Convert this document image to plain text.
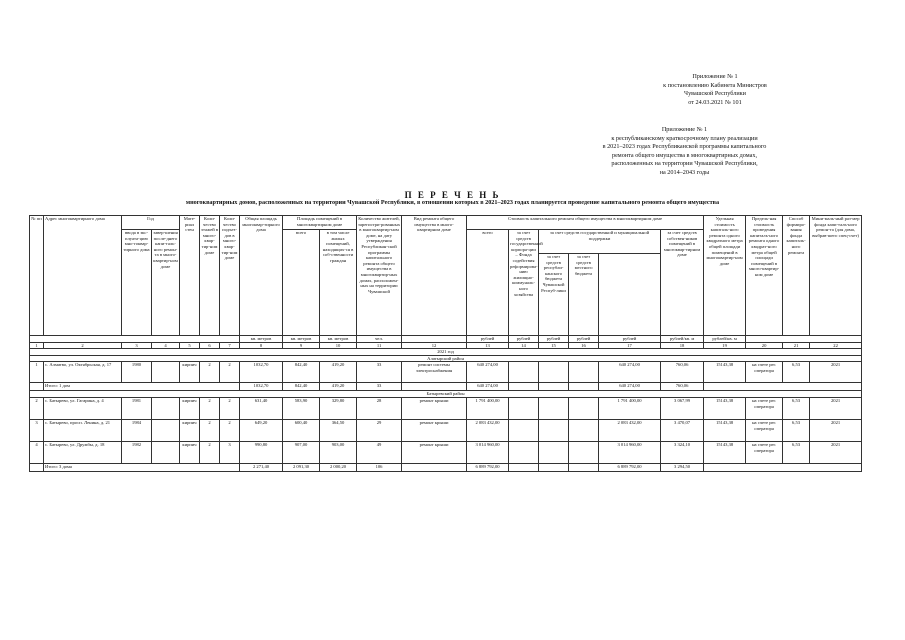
Приложение № 1
к постановлению Кабинета Министров
Чувашской Республики
от 24.03.2021 № 101
Приложение № 1
к республиканскому краткосрочному плану реализации
в 2021–2023 годах Республиканской программы капитального
ремонта общего имущества в многоквартирных домах,
расположенных на территории Чувашской Республики,
на 2014–2043 годы
П Е Р Е Ч Е Н Ь
многоквартирных домов, расположенных на территории Чувашской Республики, в отношении которых в 2021–2023 годах планируется проведение капитального ремонта общего имущества
№ пп	Адрес многоквартирного дома	Год		Мате-риал стен	Коли-чество этажей в много-квар-тир-ном доме	Коли-чество подъез-дов в много-квар-тир-ном доме	Общая площадь многоквар-тирного дома	Площадь помещений в многоквартирном доме		Количество жителей, зарегистри-рованных в многоквартир-ном доме, на дату утверждения Республикан-ской программы капитального ремонта общего имущества в многоквартир-ных домах, расположен-ных на территории Чувашской	Вид ремонта общего имущества в много-квартирном доме	Стоимость капитального ремонта общего имущества в многоквартирном доме						Удельная стоимость капиталь-ного ремонта одного квадратного метра общей площади помещений в многоквартир-ном доме	Предель-ная стоимость проведения капиталь-ного ремонта одного квадрат-ного метра общей площади помещений в много-квартир-ном доме	Способ формиро-вания фонда капиталь-ного ремонта	Мини-маль-ный раз-мер фонда капи-таль-ного ремон-та (для дома, выбрав-шего спец-счет)	
		ввода в экс-плуата-цию мно-гоквар-тирного дома	завер-шения после-днего капи-таль-ного ремон-та в много-квартир-ном доме					всего	в том числе жилых помещений, находящих-ся в соб-ственности граждан			всего	за счет средств государственной корпора-ции – Фонда содействия реформирова-нию жилищно-коммуналь-ного хозяйства	за счет средств государственной и муниципальной поддержки			за счет средств собствен-ников помещений в многоквар-тирном доме					
														за счет средств республи-канского бюджета Чувашской Респуб-лики	за счет средств местного бюджета							
							кв. метров	кв. метров	кв. метров	чел.		рублей	рублей	рублей	рублей	рублей	рублей/кв. м	рублей/кв. м				
1	2	3	4	5	6	7	8	9	10	11	12	13	14	15	16	17	18	19	20	21	22	
2021 год																						
Алатырский район																						
1	с. Алматво, ул. Октябрьская, д. 17	1980		кирпич	2	2	1032,70	842,40	419,20	33	ремонт системы электроснабжения	640 274,00				640 274,00	760,06	15143,38	на счете рег. оператора	6,53	2021	
	Итого: 1 дом						1032,70	842,40	419,20	33		640 274,00				640 274,00	760,06					
Батыревский район																						
2	с. Батырево, ул. Гагарина, д. 4	1981		кирпич	2	2	631,40	583,90	329,80	28	ремонт крыши	1 791 400,00				1 791 400,00	3 067,99	15143,38	на счете рег. оператора	6,53	2021	
3	с. Батырево, просп. Ленина, д. 21	1984		кирпич	2	2	649,20	600,40	364,50	29	ремонт крыши	2 083 432,00				2 083 432,00	3 470,07	15143,38	на счете рег. оператора	6,53	2021	
4	с. Батырево, ул. Дружбы, д. 18	1982		кирпич	2	3	990,80	907,00	903,00	49	ремонт крыши	3 014 960,00				3 014 960,00	3 324,10	15143,38	на счете рег. оператора	6,53	2021	
	Итого: 3 дома						2 271,40	2 091,30	2 000,20	106		6 889 792,00				6 889 792,00	3 294,50					
